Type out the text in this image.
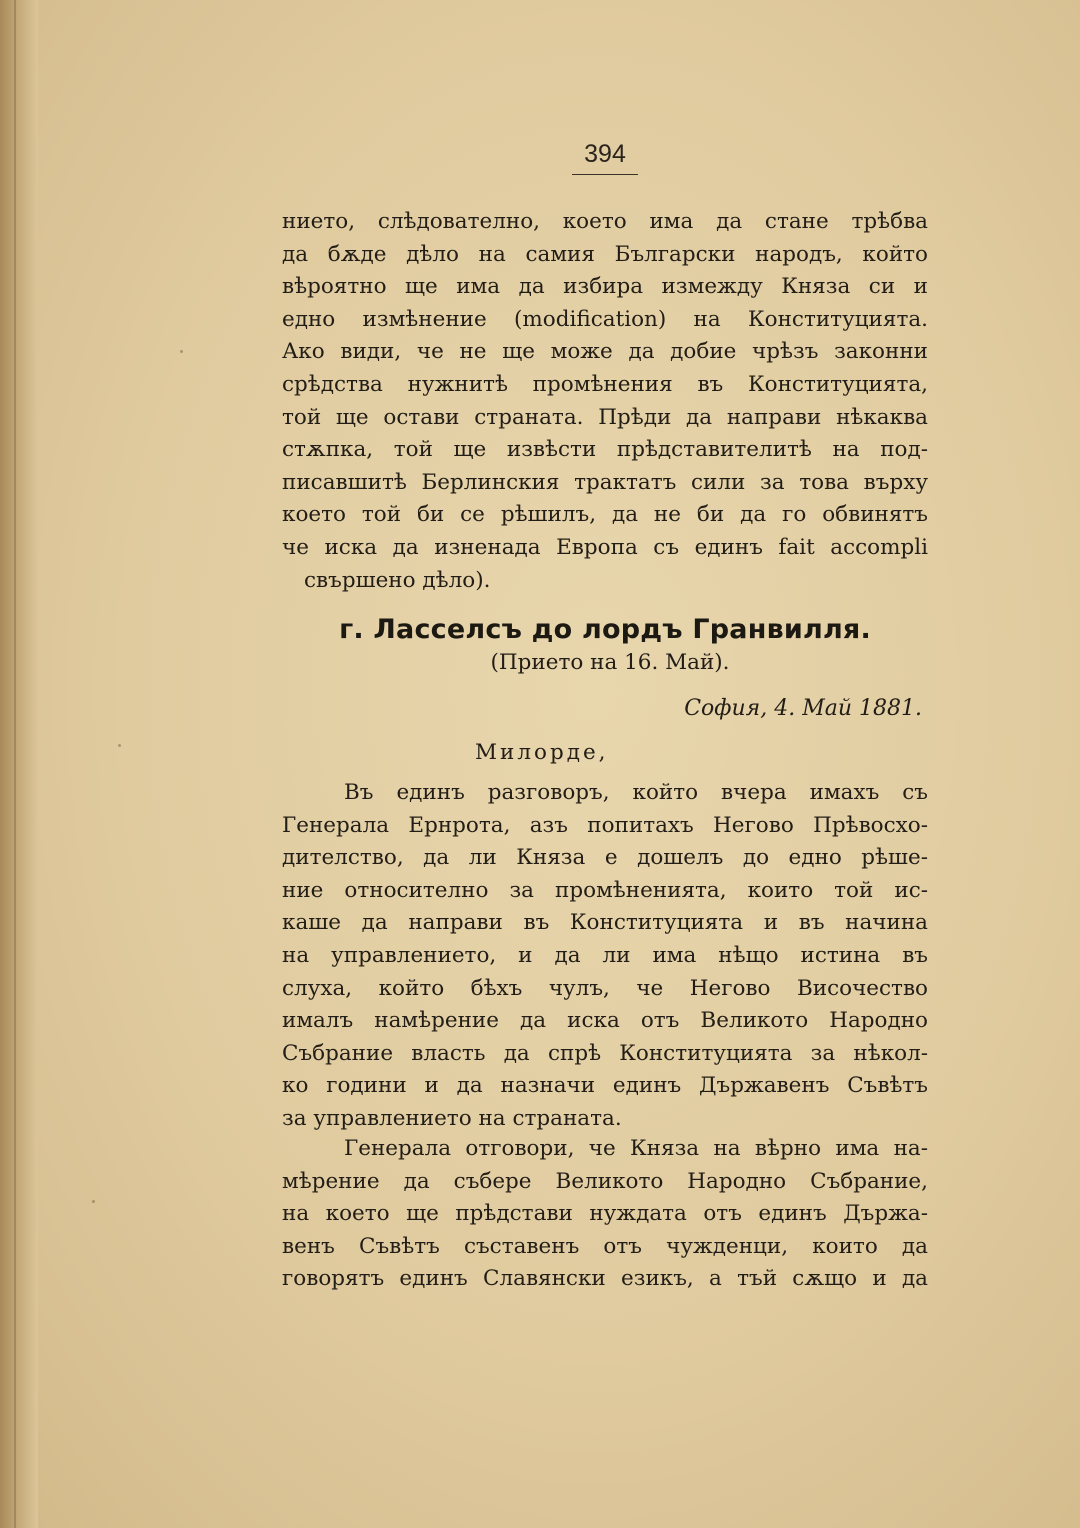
394
нието, слѣдователно, което има да стане трѣбва
да бѫде дѣло на самия Български народъ, който
вѣроятно ще има да избира измежду Княза си и
едно измѣнение (modification) на Конституцията.
Ако види, че не ще може да добие чрѣзъ законни
срѣдства нужнитѣ промѣнения въ Конституцията,
той ще остави страната. Прѣди да направи нѣкаква
стѫпка, той ще извѣсти прѣдставителитѣ на под-
писавшитѣ Берлинския трактатъ сили за това върху
което той би се рѣшилъ, да не би да го обвинятъ
че иска да изненада Европа съ единъ fait accompli
свършено дѣло).
г. Ласселсъ до лордъ Гранвилля.
(Прието на 16. Май).
София, 4. Май 1881.
Милорде,
Въ единъ разговоръ, който вчера имахъ съ
Генерала Ернрота, азъ попитахъ Негово Прѣвосхо-
дителство, да ли Княза е дошелъ до едно рѣше-
ние относително за промѣненията, които той ис-
каше да направи въ Конституцията и въ начина
на управлението, и да ли има нѣщо истина въ
слуха, който бѣхъ чулъ, че Негово Височество
ималъ намѣрение да иска отъ Великото Народно
Събрание власть да спрѣ Конституцията за нѣкол-
ко години и да назначи единъ Държавенъ Съвѣтъ
за управлението на страната.
Генерала отговори, че Княза на вѣрно има на-
мѣрение да събере Великото Народно Събрание,
на което ще прѣдстави нуждата отъ единъ Държа-
венъ Съвѣтъ съставенъ отъ чужденци, които да
говорятъ единъ Славянски езикъ, а тъй сѫщо и да
